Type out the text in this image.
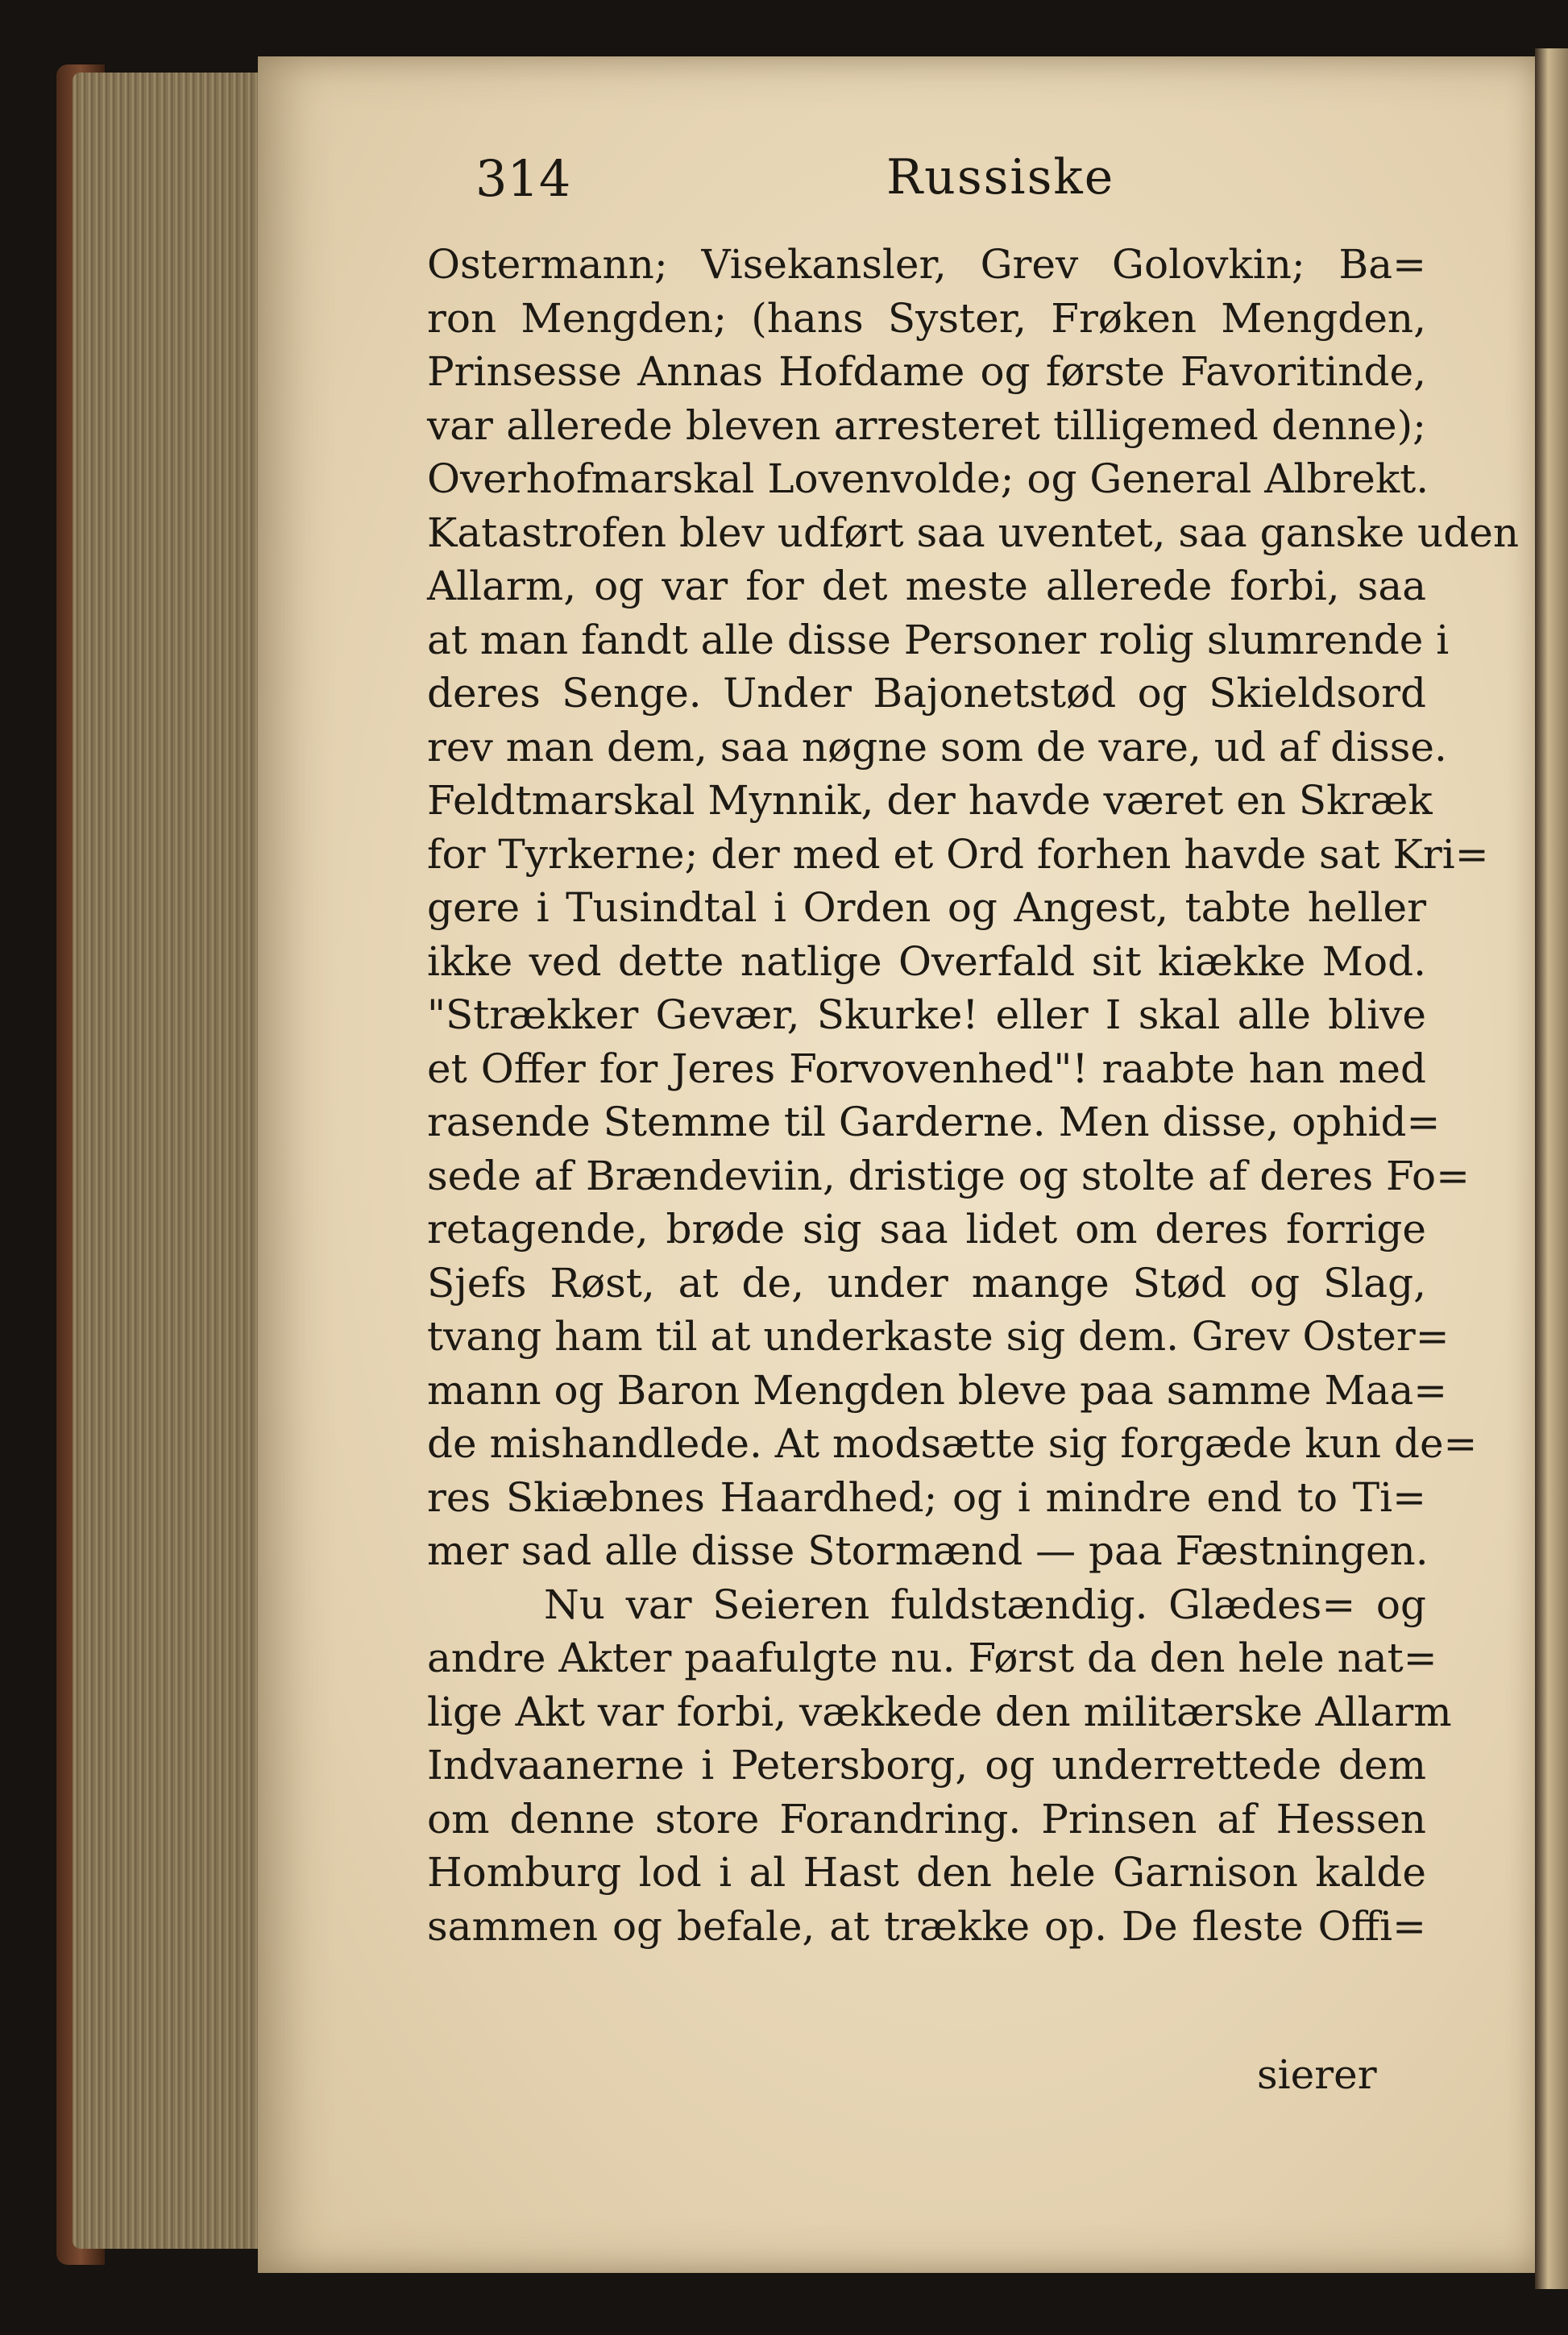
314	Russiske
Ostermann; Visekansler, Grev Golovkin; Ba=
ron Mengden; (hans Syster, Frøken Mengden,
Prinsesse Annas Hofdame og første Favoritinde,
var allerede bleven arresteret tilligemed denne);
Overhofmarskal Lovenvolde; og General Albrekt.
Katastrofen blev udført saa uventet, saa ganske uden
Allarm, og var for det meste allerede forbi, saa
at man fandt alle disse Personer rolig slumrende i
deres Senge. Under Bajonetstød og Skieldsord
rev man dem, saa nøgne som de vare, ud af disse.
Feldtmarskal Mynnik, der havde været en Skræk
for Tyrkerne; der med et Ord forhen havde sat Kri=
gere i Tusindtal i Orden og Angest, tabte heller
ikke ved dette natlige Overfald sit kiække Mod.
"Strækker Gevær, Skurke! eller I skal alle blive
et Offer for Jeres Forvovenhed"! raabte han med
rasende Stemme til Garderne. Men disse, ophid=
sede af Brændeviin, dristige og stolte af deres Fo=
retagende, brøde sig saa lidet om deres forrige
Sjefs Røst, at de, under mange Stød og Slag,
tvang ham til at underkaste sig dem. Grev Oster=
mann og Baron Mengden bleve paa samme Maa=
de mishandlede. At modsætte sig forgæde kun de=
res Skiæbnes Haardhed; og i mindre end to Ti=
mer sad alle disse Stormænd — paa Fæstningen.
Nu var Seieren fuldstændig. Glædes= og
andre Akter paafulgte nu. Først da den hele nat=
lige Akt var forbi, vækkede den militærske Allarm
Indvaanerne i Petersborg, og underrettede dem
om denne store Forandring. Prinsen af Hessen
Homburg lod i al Hast den hele Garnison kalde
sammen og befale, at trække op. De fleste Offi=
sierer
